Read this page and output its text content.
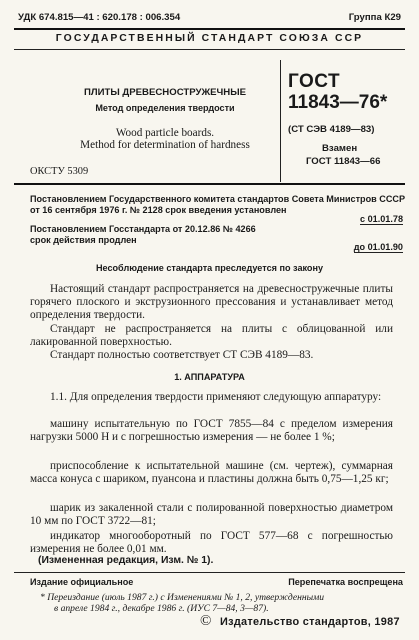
УДК 674.815—41 : 620.178 : 006.354	Группа К29
ГОСУДАРСТВЕННЫЙ СТАНДАРТ СОЮЗА ССР
ПЛИТЫ ДРЕВЕСНОСТРУЖЕЧНЫЕ
Метод определения твердости
Wood particle boards.
Method for determination of hardness
ОКСТУ 5309
ГОСТ
11843—76*
(СТ СЭВ 4189—83)
Взамен
ГОСТ 11843—66
Постановлением Государственного комитета стандартов Совета Министров СССР
от 16 сентября 1976 г. № 2128 срок введения установлен
с 01.01.78
Постановлением Госстандарта от 20.12.86 № 4266
срок действия продлен
до 01.01.90
Несоблюдение стандарта преследуется по закону
Настоящий стандарт распространяется на древесностружечные плиты горячего плоского и экструзионного прессования и устанавливает метод определения твердости.
Стандарт не распространяется на плиты с облицованной или лакированной поверхностью.
Стандарт полностью соответствует СТ СЭВ 4189—83.
1. АППАРАТУРА
1.1. Для определения твердости применяют следующую аппаратуру:
машину испытательную по ГОСТ 7855—84 с пределом измерения нагрузки 5000 Н и с погрешностью измерения — не более 1 %;
приспособление к испытательной машине (см. чертеж), суммарная масса конуса с шариком, пуансона и пластины должна быть 0,75—1,25 кг;
шарик из закаленной стали с полированной поверхностью диаметром 10 мм по ГОСТ 3722—81;
индикатор многооборотный по ГОСТ 577—68 с погрешностью измерения не более 0,01 мм.
(Измененная редакция, Изм. № 1).
Издание официальное	Перепечатка воспрещена
* Переиздание (июль 1987 г.) с Изменениями № 1, 2, утвержденными
в апреле 1984 г., декабре 1986 г. (ИУС 7—84, 3—87).
© Издательство стандартов, 1987
